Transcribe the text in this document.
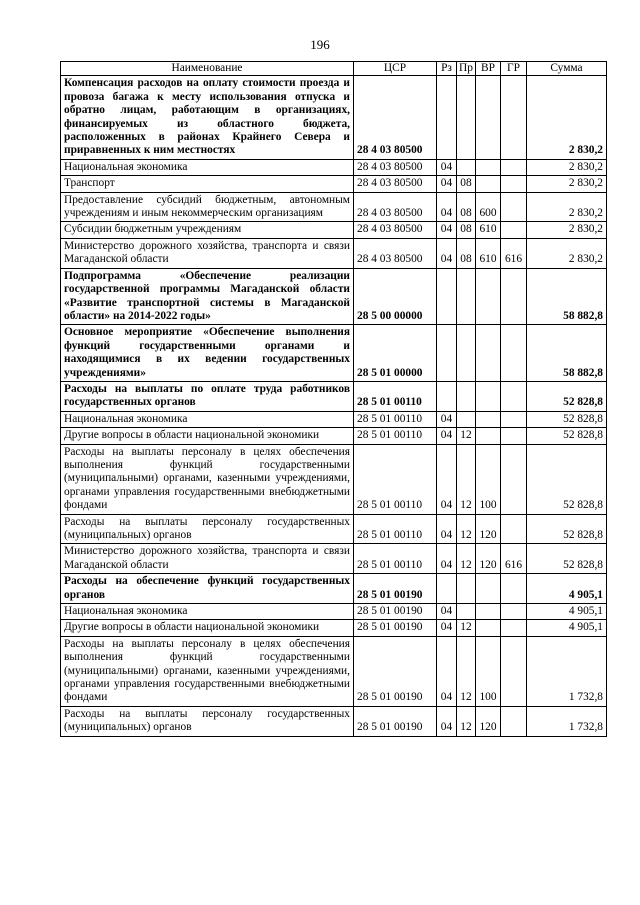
196
Наименование	ЦСР	Рз	Пр	ВР	ГР	Сумма
Компенсация расходов на оплату стоимости проезда и провоза багажа к месту использования отпуска и обратно лицам, работающим в организациях, финансируемых из областного бюджета, расположенных в районах Крайнего Севера и приравненных к ним местностях	28 4 03 80500					2 830,2
Национальная экономика	28 4 03 80500	04				2 830,2
Транспорт	28 4 03 80500	04	08			2 830,2
Предоставление субсидий бюджетным, автономным учреждениям и иным некоммерческим организациям	28 4 03 80500	04	08	600		2 830,2
Субсидии бюджетным учреждениям	28 4 03 80500	04	08	610		2 830,2
Министерство дорожного хозяйства, транспорта и связи Магаданской области	28 4 03 80500	04	08	610	616	2 830,2
Подпрограмма «Обеспечение реализации государственной программы Магаданской области «Развитие транспортной системы в Магаданской области» на 2014-2022 годы»	28 5 00 00000					58 882,8
Основное мероприятие «Обеспечение выполнения функций государственными органами и находящимися в их ведении государственных учреждениями»	28 5 01 00000					58 882,8
Расходы на выплаты по оплате труда работников государственных органов	28 5 01 00110					52 828,8
Национальная экономика	28 5 01 00110	04				52 828,8
Другие вопросы в области национальной экономики	28 5 01 00110	04	12			52 828,8
Расходы на выплаты персоналу в целях обеспечения выполнения функций государственными (муниципальными) органами, казенными учреждениями, органами управления государственными внебюджетными фондами	28 5 01 00110	04	12	100		52 828,8
Расходы на выплаты персоналу государственных (муниципальных) органов	28 5 01 00110	04	12	120		52 828,8
Министерство дорожного хозяйства, транспорта и связи Магаданской области	28 5 01 00110	04	12	120	616	52 828,8
Расходы на обеспечение функций государственных органов	28 5 01 00190					4 905,1
Национальная экономика	28 5 01 00190	04				4 905,1
Другие вопросы в области национальной экономики	28 5 01 00190	04	12			4 905,1
Расходы на выплаты персоналу в целях обеспечения выполнения функций государственными (муниципальными) органами, казенными учреждениями, органами управления государственными внебюджетными фондами	28 5 01 00190	04	12	100		1 732,8
Расходы на выплаты персоналу государственных (муниципальных) органов	28 5 01 00190	04	12	120		1 732,8
